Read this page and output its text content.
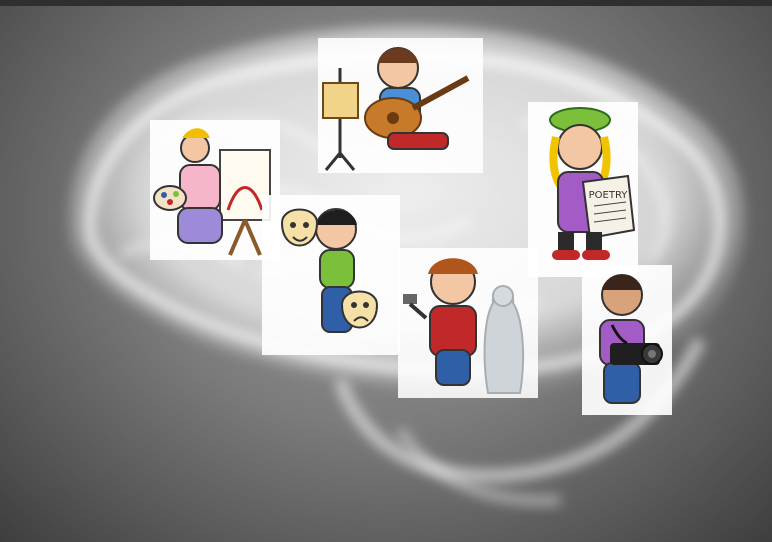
POETRY
